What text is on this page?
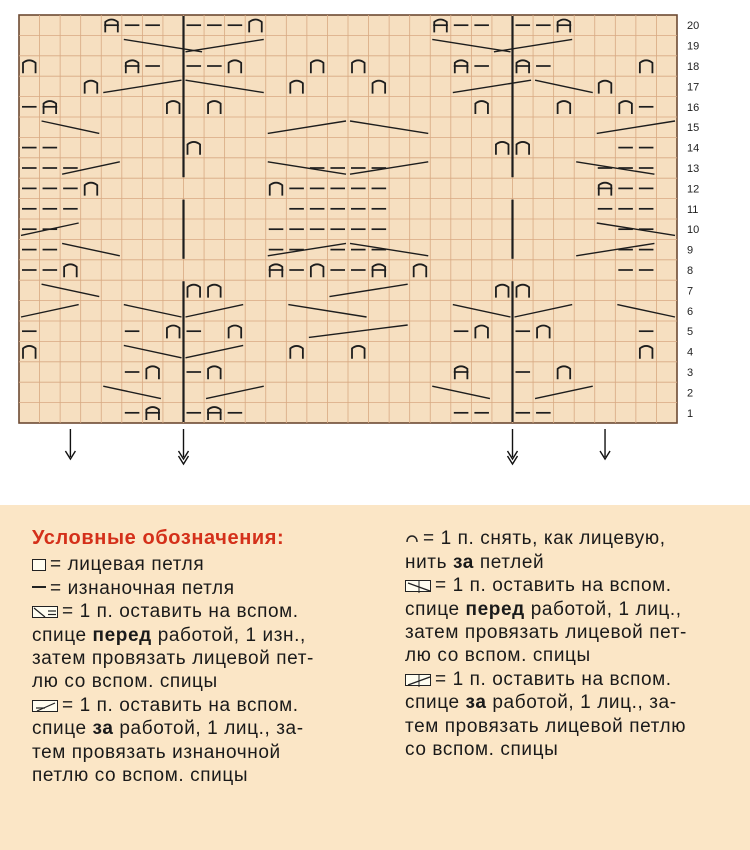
1
2
3
4
5
6
7
8
9
10
11
12
13
14
15
16
17
18
19
20
Условные обозначения:
= лицевая петля
= изнаночная петля
= 1 п. оставить на вспом.
спице перед работой, 1 изн.,
затем провязать лицевой пет-
лю со вспом. спицы
= 1 п. оставить на вспом.
спице за работой, 1 лиц., за-
тем провязать изнаночной
петлю со вспом. спицы
= 1 п. снять, как лицевую,
нить за петлей
= 1 п. оставить на вспом.
спице перед работой, 1 лиц.,
затем провязать лицевой пет-
лю со вспом. спицы
= 1 п. оставить на вспом.
спице за работой, 1 лиц., за-
тем провязать лицевой петлю
со вспом. спицы
